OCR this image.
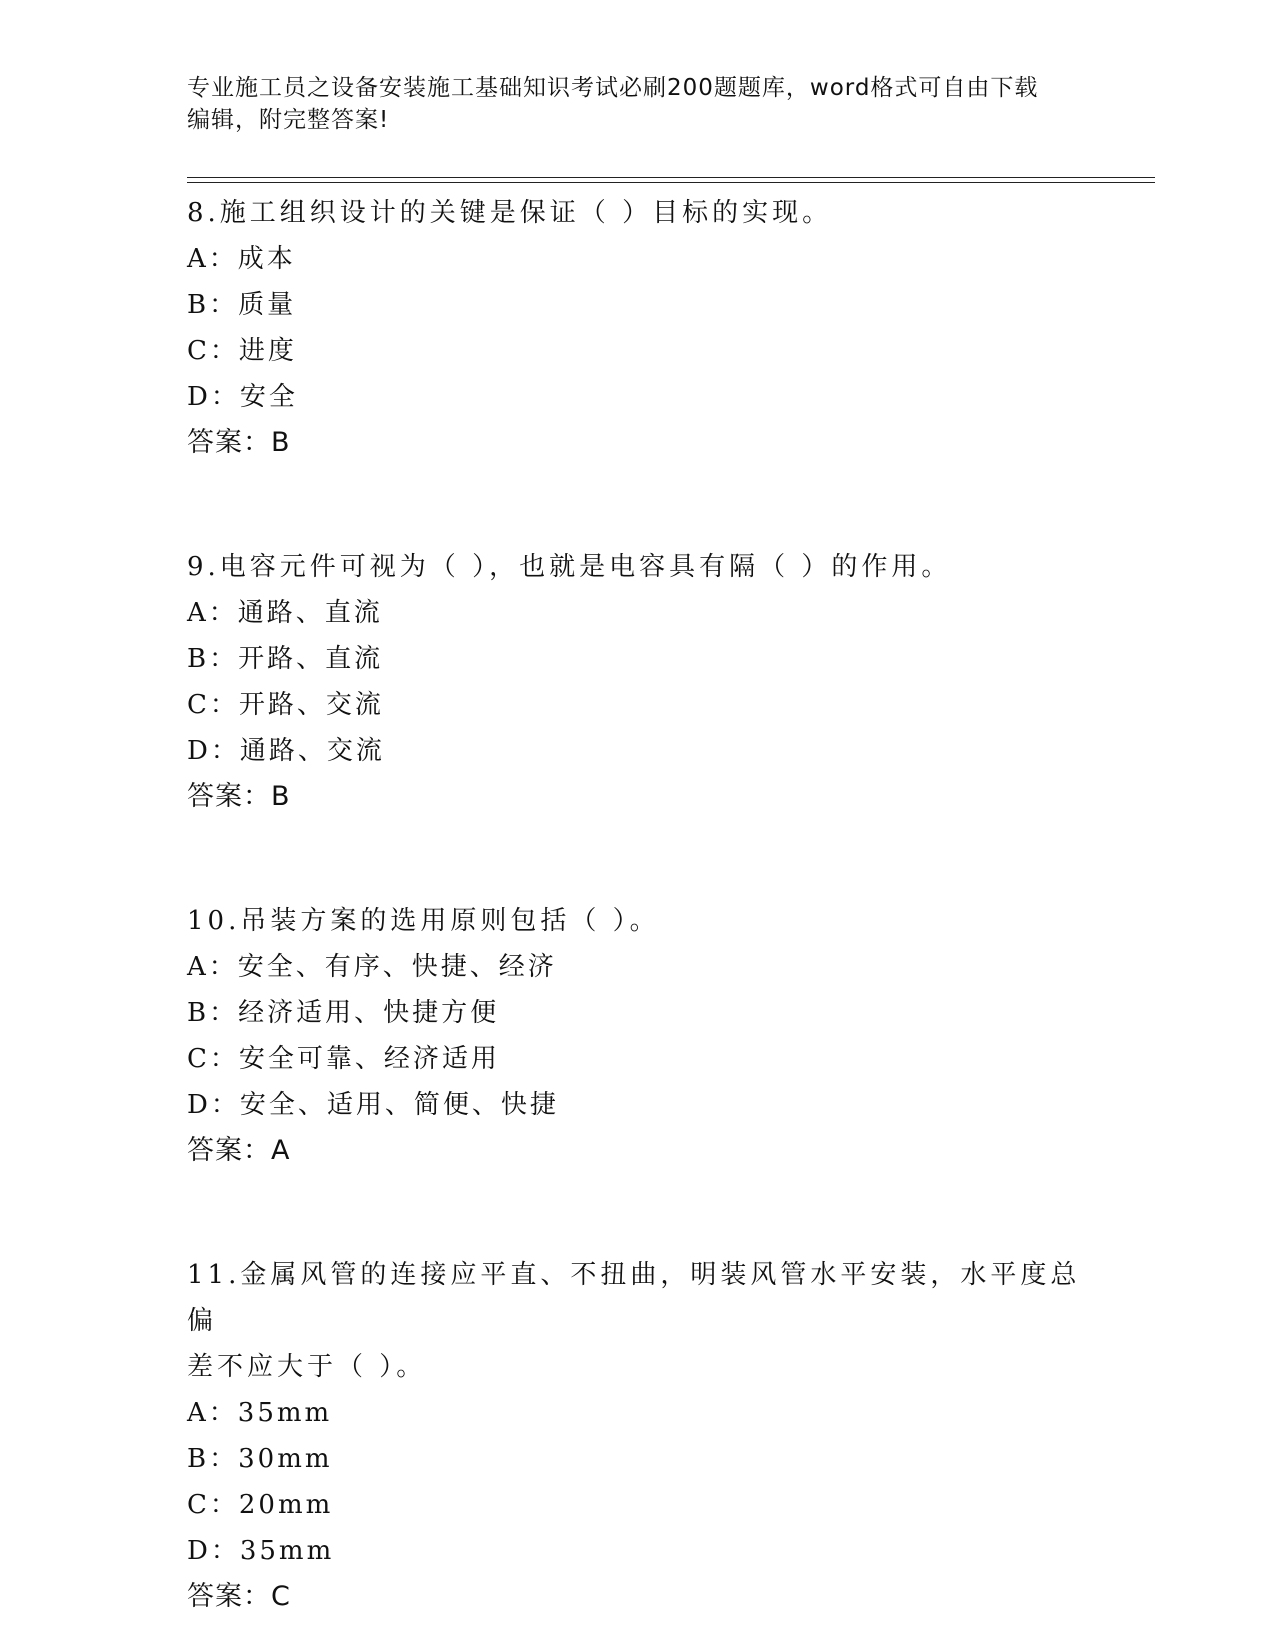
专业施工员之设备安装施工基础知识考试必刷200题题库，word格式可自由下载
编辑，附完整答案!

8.施工组织设计的关键是保证（ ）目标的实现。

A：成本

B：质量

C：进度

D：安全

答案：B

9.电容元件可视为（ ），也就是电容具有隔（ ）的作用。

A：通路、直流

B：开路、直流

C：开路、交流

D：通路、交流

答案：B

10.吊装方案的选用原则包括（ ）。

A：安全、有序、快捷、经济

B：经济适用、快捷方便

C：安全可靠、经济适用

D：安全、适用、简便、快捷

答案：A

11.金属风管的连接应平直、不扭曲，明装风管水平安装，水平度总偏

差不应大于（ ）。

A：35mm

B：30mm

C：20mm

D：35mm

答案：C
